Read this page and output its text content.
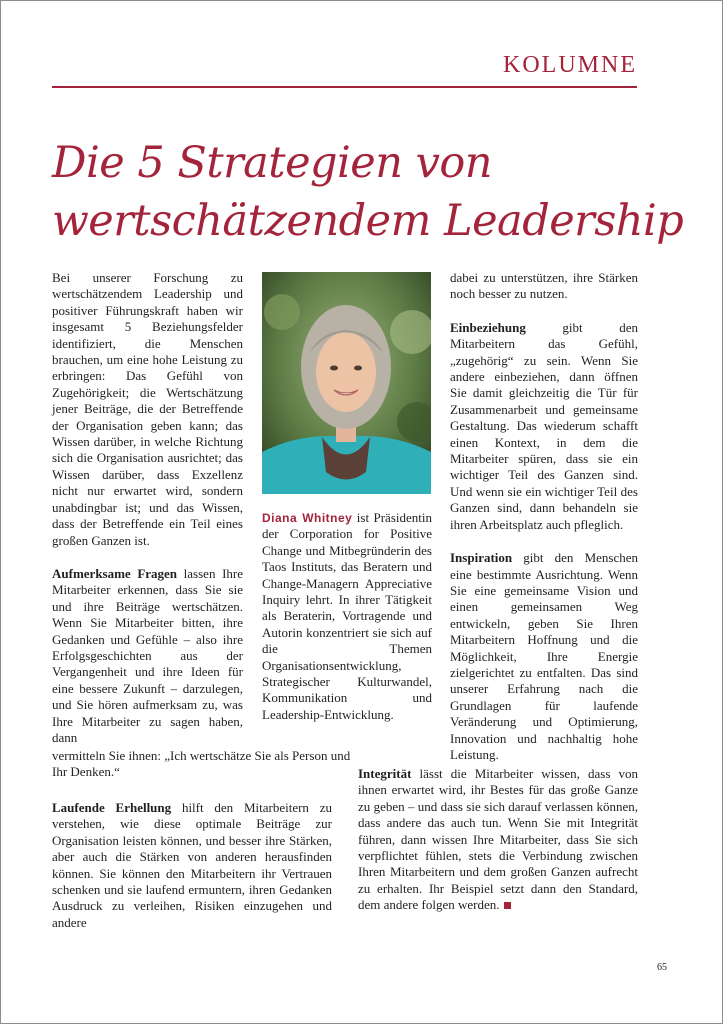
KOLUMNE
Die 5 Strategien von
wertschätzendem Leadership

Bei unserer Forschung zu wertschätzendem Leadership und positiver Führungskraft haben wir insgesamt 5 Beziehungsfelder identifiziert, die Menschen brauchen, um eine hohe Leistung zu erbringen: Das Gefühl von Zugehörigkeit; die Wertschätzung jener Beiträge, die der Betreffende der Organisation geben kann; das Wissen darüber, in welche Richtung sich die Organisation ausrichtet; das Wissen darüber, dass Exzellenz nicht nur erwartet wird, sondern unabdingbar ist; und das Wissen, dass der Betreffende ein Teil eines großen Ganzen ist.

Aufmerksame Fragen lassen Ihre Mitarbeiter erkennen, dass Sie sie und ihre Beiträge wertschätzen. Wenn Sie Mitarbeiter bitten, ihre Gedanken und Gefühle – also ihre Erfolgsgeschichten aus der Vergangenheit und ihre Ideen für eine bessere Zukunft – darzulegen, und Sie hören aufmerksam zu, was Ihre Mitarbeiter zu sagen haben, dann

vermitteln Sie ihnen: „Ich wertschätze Sie als Person und Ihr Denken.“

Diana Whitney ist Präsidentin der Corporation for Positive Change und Mitbegründerin des Taos Instituts, das Beratern und Change-Managern Appreciative Inquiry lehrt. In ihrer Tätigkeit als Beraterin, Vortragende und Autorin konzentriert sie sich auf die Themen Organisationsentwicklung, Strategischer Kulturwandel, Kommunikation und Leadership-Entwicklung.

dabei zu unterstützen, ihre Stärken noch besser zu nutzen.

Einbeziehung gibt den Mitarbeitern das Gefühl, „zugehörig“ zu sein. Wenn Sie andere einbeziehen, dann öffnen Sie damit gleichzeitig die Tür für Zusammenarbeit und gemeinsame Gestaltung. Das wiederum schafft einen Kontext, in dem die Mitarbeiter spüren, dass sie ein wichtiger Teil des Ganzen sind. Und wenn sie ein wichtiger Teil des Ganzen sind, dann behandeln sie ihren Arbeitsplatz auch pfleglich.

Inspiration gibt den Menschen eine bestimmte Ausrichtung. Wenn Sie eine gemeinsame Vision und einen gemeinsamen Weg entwickeln, geben Sie Ihren Mitarbeitern Hoffnung und die Möglichkeit, Ihre Energie zielgerichtet zu entfalten. Das sind unserer Erfahrung nach die Grundlagen für laufende Veränderung und Optimierung, Innovation und nachhaltig hohe Leistung.

Laufende Erhellung hilft den Mitarbeitern zu verstehen, wie diese optimale Beiträge zur Organisation leisten können, und besser ihre Stärken, aber auch die Stärken von anderen herausfinden können. Sie können den Mitarbeitern ihr Vertrauen schenken und sie laufend ermuntern, ihren Gedanken Ausdruck zu verleihen, Risiken einzugehen und andere

Integrität lässt die Mitarbeiter wissen, dass von ihnen erwartet wird, ihr Bestes für das große Ganze zu geben – und dass sie sich darauf verlassen können, dass andere das auch tun. Wenn Sie mit Integrität führen, dann wissen Ihre Mitarbeiter, dass Sie sich verpflichtet fühlen, stets die Verbindung zwischen Ihren Mitarbeitern und dem großen Ganzen aufrecht zu erhalten. Ihr Beispiel setzt dann den Standard, dem andere folgen werden.

65
